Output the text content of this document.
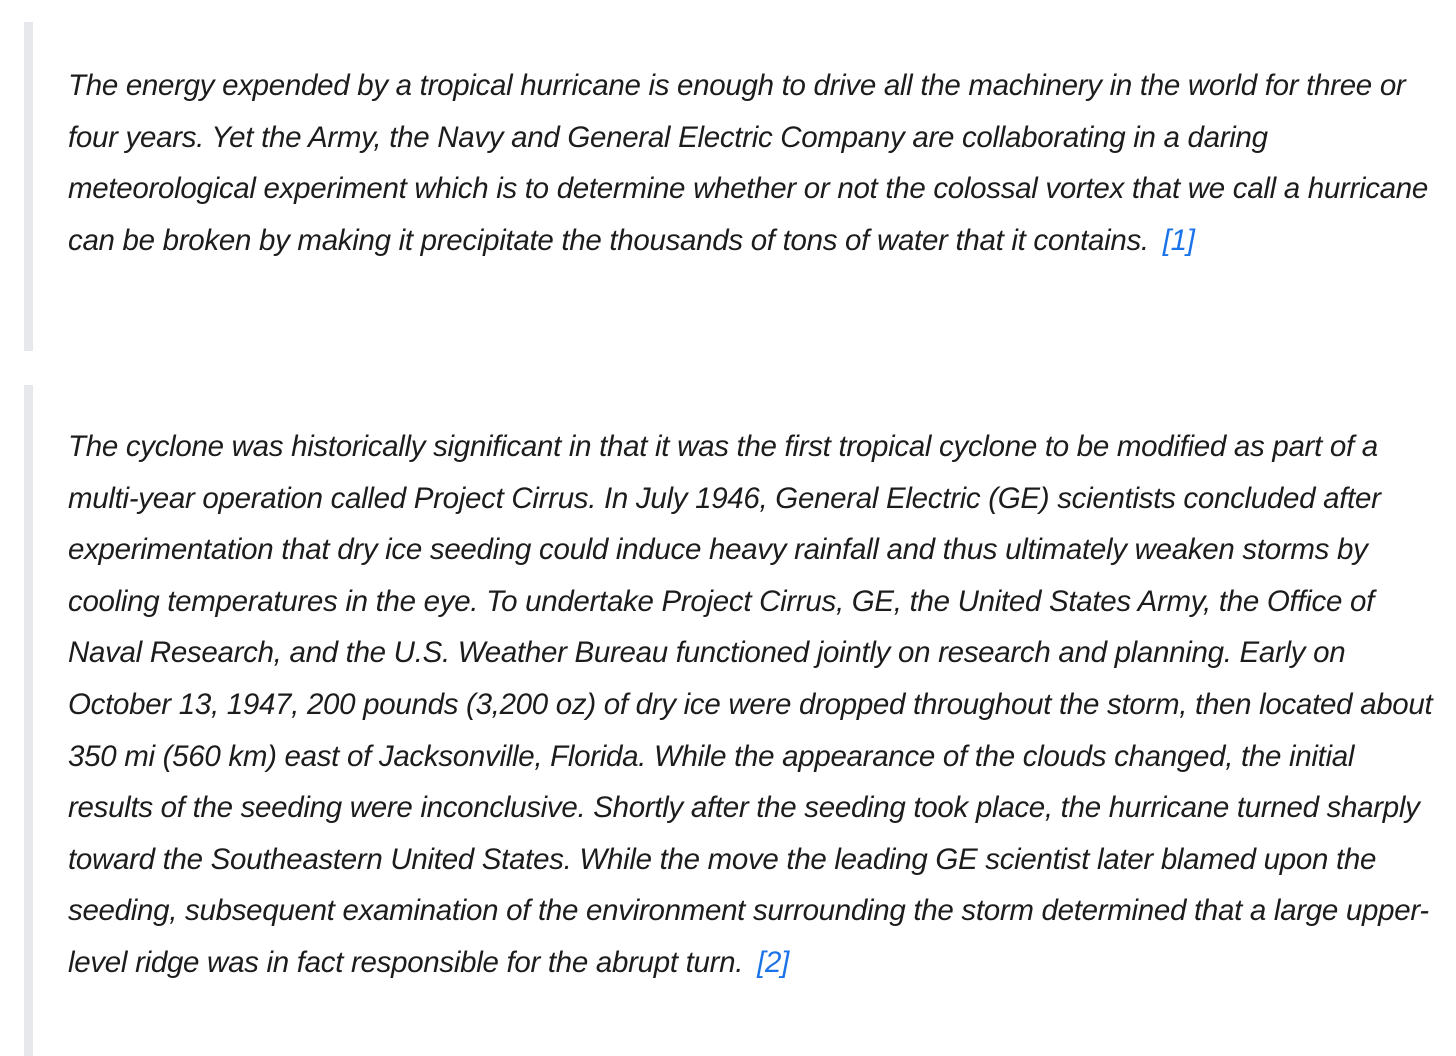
The energy expended by a tropical hurricane is enough to drive all the machinery in the world for three or four years. Yet the Army, the Navy and General Electric Company are collaborating in a daring meteorological experiment which is to determine whether or not the colossal vortex that we call a hurricane can be broken by making it precipitate the thousands of tons of water that it contains. [1]

The cyclone was historically significant in that it was the first tropical cyclone to be modified as part of a multi-year operation called Project Cirrus. In July 1946, General Electric (GE) scientists concluded after experimentation that dry ice seeding could induce heavy rainfall and thus ultimately weaken storms by cooling temperatures in the eye. To undertake Project Cirrus, GE, the United States Army, the Office of Naval Research, and the U.S. Weather Bureau functioned jointly on research and planning. Early on October 13, 1947, 200 pounds (3,200 oz) of dry ice were dropped throughout the storm, then located about 350 mi (560 km) east of Jacksonville, Florida. While the appearance of the clouds changed, the initial results of the seeding were inconclusive. Shortly after the seeding took place, the hurricane turned sharply toward the Southeastern United States. While the move the leading GE scientist later blamed upon the seeding, subsequent examination of the environment surrounding the storm determined that a large upper-level ridge was in fact responsible for the abrupt turn. [2]
